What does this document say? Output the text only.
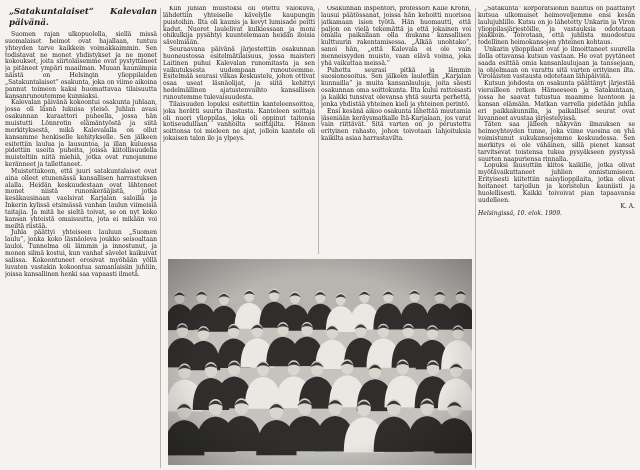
„Satakuntalaiset“ Kalevalan päivänä.

Suomen rajan ulkopuolella, siellä missä suomalaiset heimot ovat hajallaan, tuntuu yhteyden tarve kaikkein voimakkaimmin. Sen todistavat ne monet yhdistykset ja ne monet kokoukset, joita siirtolaisemme ovat pystyttäneet ja pitäneet ympäri maailman. Muuan kauniimpia näistä on Helsingin ylioppilaiden „Satakuntalaiset“ osakunta, joka on viime aikoina pannut toimeen kaksi huomattavaa tilaisuutta kansanrunoutemme kunniaksi.

Kalevalan päivänä kokoontui osakunta juhlaan, jossa oli läsnä lukuisa yleisö. Juhlan avasi osakunnan kuraattori puheella, jossa hän muistutti Lönnrotin elämäntyöstä ja siitä merkityksestä, mikä Kalevalalla on ollut kansamme henkiselle kehitykselle. Sen jälkeen esitettiin laulua ja lausuntoa, ja illan kuluessa pidettiin useita puheita, joissa kiitollisuudella muisteltiin niitä miehiä, jotka ovat runojamme keränneet ja tallettaneet.

Muistettakoon, että juuri satakuntalaiset ovat aina olleet etunenässä kansallisen harrastuksen alalla. Heidän keskuudestaan ovat lähteneet monet niistä runonkerääjistä, jotka kesäkausinaan vaelsivat Karjalan saloilla ja Inkerin kylissä etsimässä vanhan laulun viimeisiä taitajia. Ja mitä he sieltä toivat, se on nyt koko kansan yhteistä omaisuutta, jota ei mikään voi meiltä riistää.

Juhla päättyi yhteiseen lauluun „Suomen laulu“, jonka koko läsnäoleva joukko seisoaltaan lauloi. Tunnelma oli lämmin ja innostunut, ja monen silmä kostui, kun vanhat sävelet kaikuivat salissa. Kokoontuneet erosivat myöhään yöllä luvaten vastakin kokoontua samanlaisiin juhliin, joissa kansallinen henki saa vapaasti ilmetä.

Kun juhlan muistoksi oli otettu valokuva, lähdettiin yhteiselle kävelylle kaupungin puistoihin. Ilta oli kaunis ja kevyt lumisade peitti kadut. Nuoret laulelivat kulkiessaan ja moni ohikulkija pysähtyi kuuntelemaan heidän iloisia sävelmiään.

Seuraavana päivänä järjestettiin osakunnan huoneustossa esitelmätilaisuus, jossa maisteri Laitinen puhui Kalevalan runomitasta ja sen vaikutuksesta uudempaan runouteemme. Esitelmää seurasi vilkas keskustelu, johon ottivat osaa useat läsnäolijat, ja siitä kehittyi hedelmällinen ajatustenvaihto kansallisen runoutemme tulevaisuudesta.

Tilaisuuden lopuksi esitettiin kanteleensoittoa, joka herätti suurta ihastusta. Kanteleen soittaja oli nuori ylioppilas, joka oli oppinut taitonsa kotiseudullaan vanhoilta soittajilta. Hänen soittonsa toi mieleen ne ajat, jolloin kantele oli jokaisen talon ilo ja ylpeys.

Osakunnan inspehtori, professori Kalle Krohn, lausui päätössanat, joissa hän kehoitti nuorisoa jatkamaan isien työtä. Hän huomautti, että paljon on vielä tekemättä ja että jokainen voi omalla paikallaan olla mukana kansallisen kulttuurin rakentamisessa. „Älkää unohtako“, sanoi hän, „että Kalevala ei ole vain menneisyyden muisto, vaan elävä voima, joka yhä vaikuttaa meissä.“

Puhetta seurasi pitkä ja lämmin suosionosoitus. Sen jälkeen laulettiin „Karjalan kunnailla“ ja muita kansanlauluja, joita säesti osakunnan oma soittokunta. Ilta kului rattoisasti ja kaikki tunsivat olevansa yhtä suurta perhettä, jonka yhdistää yhteinen kieli ja yhteinen perintö.

Ensi kesänä aikoo osakunta lähettää muutamia jäseniään keräysmatkalle Itä-Karjalaan, jos varat vain riittävät. Sitä varten on jo perustettu erityinen rahasto, johon toivotaan lahjoituksia kaikilta asiaa harrastavilta.

„Satakunta“ korporatsionin hallitus on päättänyt kutsua ulkomaiset heimoveljemme ensi kesän laulujuhlille. Kutsu on jo lähetetty Unkarin ja Viron ylioppilasjärjestöille, ja vastauksia odotetaan piakkoin. Toivotaan, että juhlista muodostuu todellinen heimokansojen yhteinen kohtaus.

Unkarin ylioppilaat ovat jo ilmoittaneet suurella ilolla ottavansa kutsun vastaan. He ovat pyytäneet saada esittää omia kansanlaulujaan ja tanssejaan, ja ohjelmaan on varattu sitä varten erityinen ilta. Virolaisten vastausta odotetaan lähipäivinä.

Kutsun johdosta on osakunta päättänyt järjestää vierailleen retken Hämeeseen ja Satakuntaan, jossa he saavat tutustua maamme luontoon ja kansan elämään. Matkan varrella pidetään juhlia eri paikkakunnilla, ja paikalliset seurat ovat luvanneet avustaa järjestelyissä.

Täten saa jälleen näkyvän ilmauksen se heimoyhteyden tunne, joka viime vuosina on yhä voimistunut sukukansojemme keskuudessa. Sen merkitys ei ole vähäinen, sillä pienet kansat tarvitsevat toistensa tukea pysyäkseen pystyssä suurten naapuriensa rinnalla.

Lopuksi lausuttiin kiitos kaikille, jotka olivat myötävaikuttaneet juhlien onnistumiseen. Erityisesti kiitettiin naisylioppilaita, jotka olivat hoitaneet tarjoilun ja koristelun kauniisti ja huolellisesti. Kaikki toivoivat pian tapaavansa uudelleen.

K. A.

Helsingissä, 10. elok. 1909.
